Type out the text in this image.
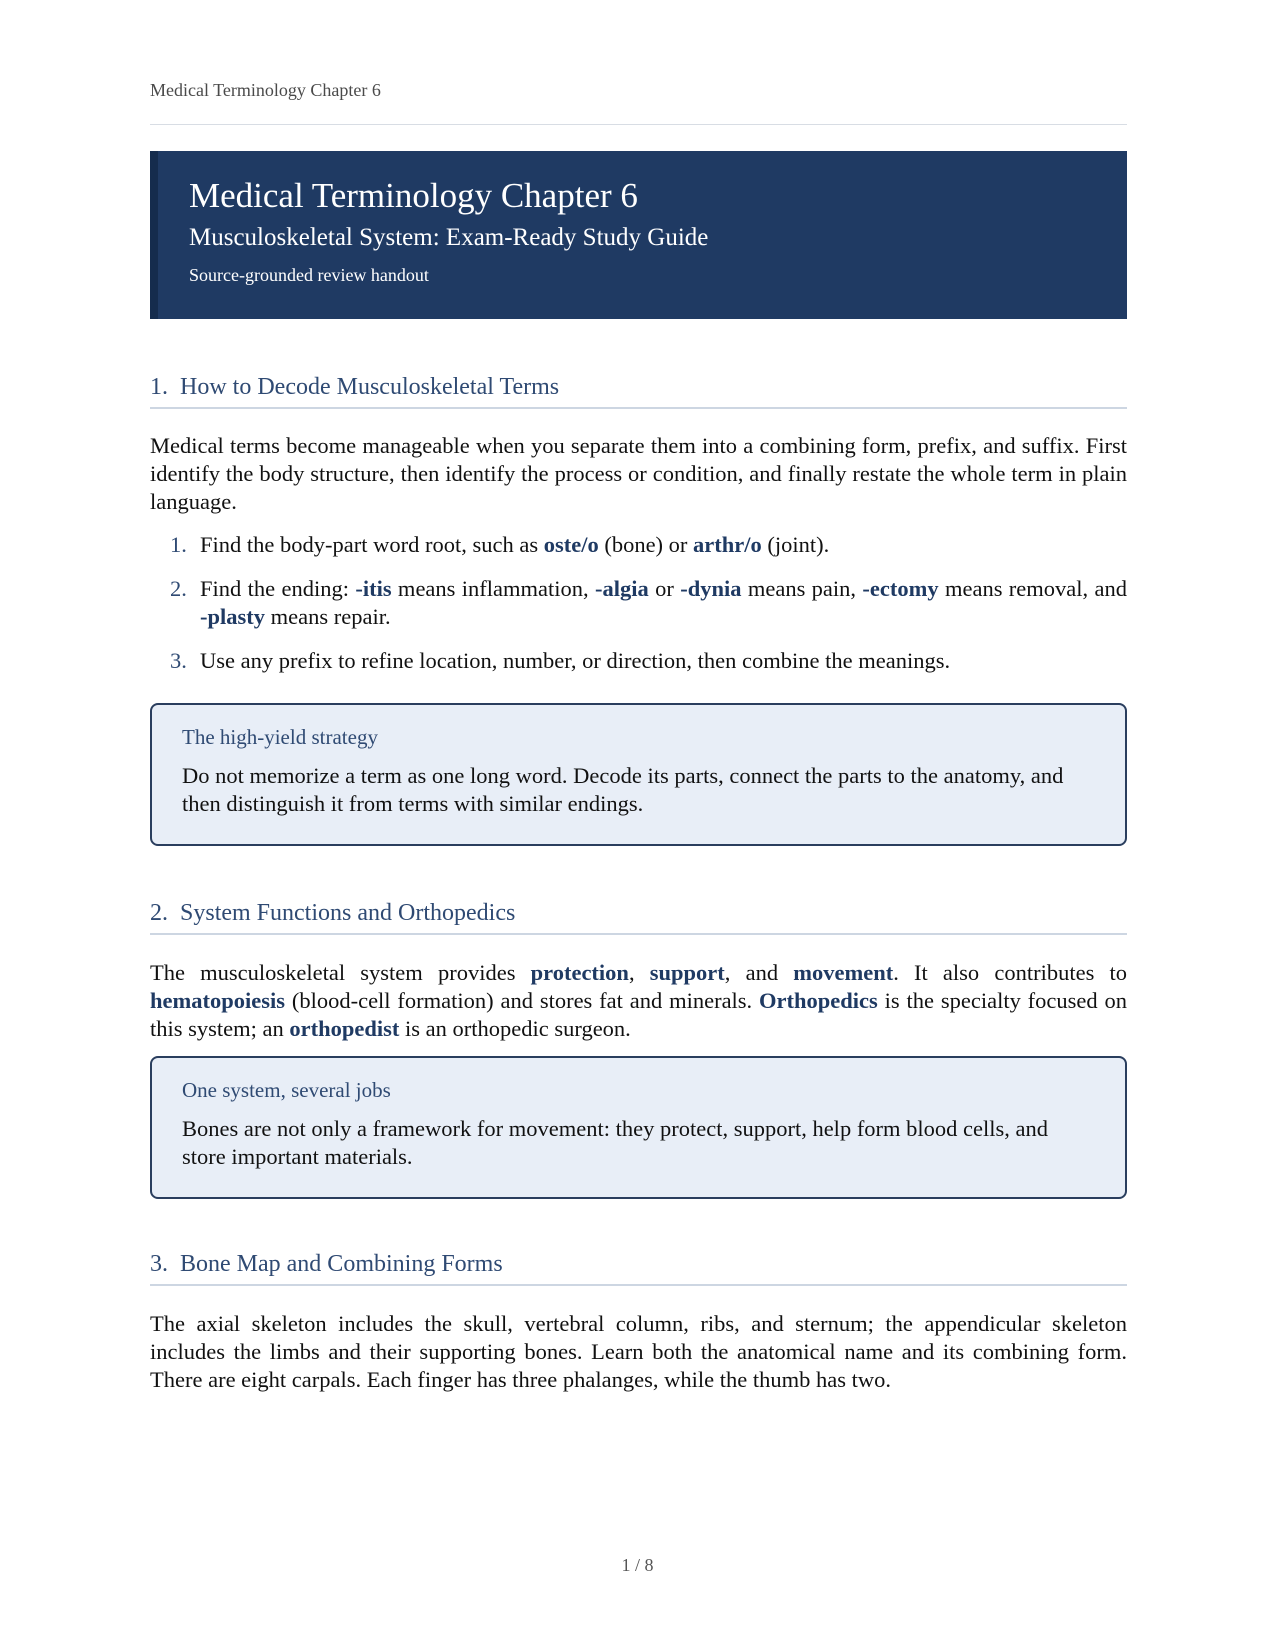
Medical Terminology Chapter 6
Medical Terminology Chapter 6
Musculoskeletal System: Exam-Ready Study Guide
Source-grounded review handout
1. How to Decode Musculoskeletal Terms
Medical terms become manageable when you separate them into a combining form, prefix, and suffix. First identify the body structure, then identify the process or condition, and finally restate the whole term in plain language.
1. Find the body-part word root, such as oste/o (bone) or arthr/o (joint).
2. Find the ending: -itis means inflammation, -algia or -dynia means pain, -ectomy means removal, and -plasty means repair.
3. Use any prefix to refine location, number, or direction, then combine the meanings.
The high-yield strategy
Do not memorize a term as one long word. Decode its parts, connect the parts to the anatomy, and then distinguish it from terms with similar endings.
2. System Functions and Orthopedics
The musculoskeletal system provides protection, support, and movement. It also contributes to hematopoiesis (blood-cell formation) and stores fat and minerals. Orthopedics is the specialty focused on this system; an orthopedist is an orthopedic surgeon.
One system, several jobs
Bones are not only a framework for movement: they protect, support, help form blood cells, and store important materials.
3. Bone Map and Combining Forms
The axial skeleton includes the skull, vertebral column, ribs, and sternum; the appendicular skeleton includes the limbs and their supporting bones. Learn both the anatomical name and its combining form. There are eight carpals. Each finger has three phalanges, while the thumb has two.
1 / 8
